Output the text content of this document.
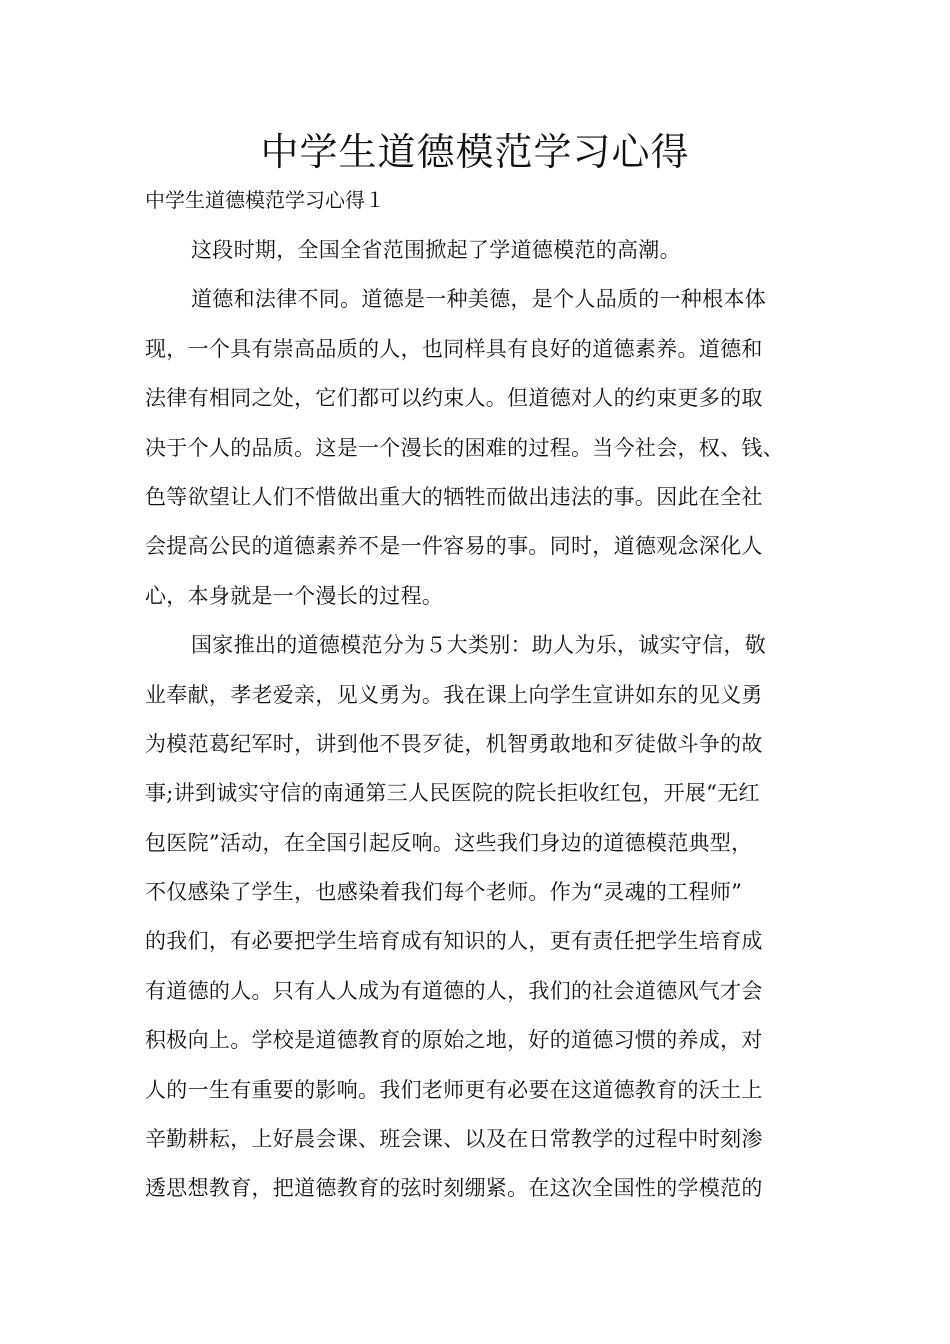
中学生道德模范学习心得

中学生道德模范学习心得１

这段时期，全国全省范围掀起了学道德模范的高潮。
道德和法律不同。道德是一种美德，是个人品质的一种根本体
现，一个具有崇高品质的人，也同样具有良好的道德素养。道德和
法律有相同之处，它们都可以约束人。但道德对人的约束更多的取
决于个人的品质。这是一个漫长的困难的过程。当今社会，权、钱、
色等欲望让人们不惜做出重大的牺牲而做出违法的事。因此在全社
会提高公民的道德素养不是一件容易的事。同时，道德观念深化人
心，本身就是一个漫长的过程。
国家推出的道德模范分为５大类别：助人为乐，诚实守信，敬
业奉献，孝老爱亲，见义勇为。我在课上向学生宣讲如东的见义勇
为模范葛纪军时，讲到他不畏歹徒，机智勇敢地和歹徒做斗争的故
事;讲到诚实守信的南通第三人民医院的院长拒收红包，开展“无红
包医院”活动，在全国引起反响。这些我们身边的道德模范典型，
不仅感染了学生，也感染着我们每个老师。作为“灵魂的工程师”
的我们，有必要把学生培育成有知识的人，更有责任把学生培育成
有道德的人。只有人人成为有道德的人，我们的社会道德风气才会
积极向上。学校是道德教育的原始之地，好的道德习惯的养成，对
人的一生有重要的影响。我们老师更有必要在这道德教育的沃土上
辛勤耕耘，上好晨会课、班会课、以及在日常教学的过程中时刻渗
透思想教育，把道德教育的弦时刻绷紧。在这次全国性的学模范的
